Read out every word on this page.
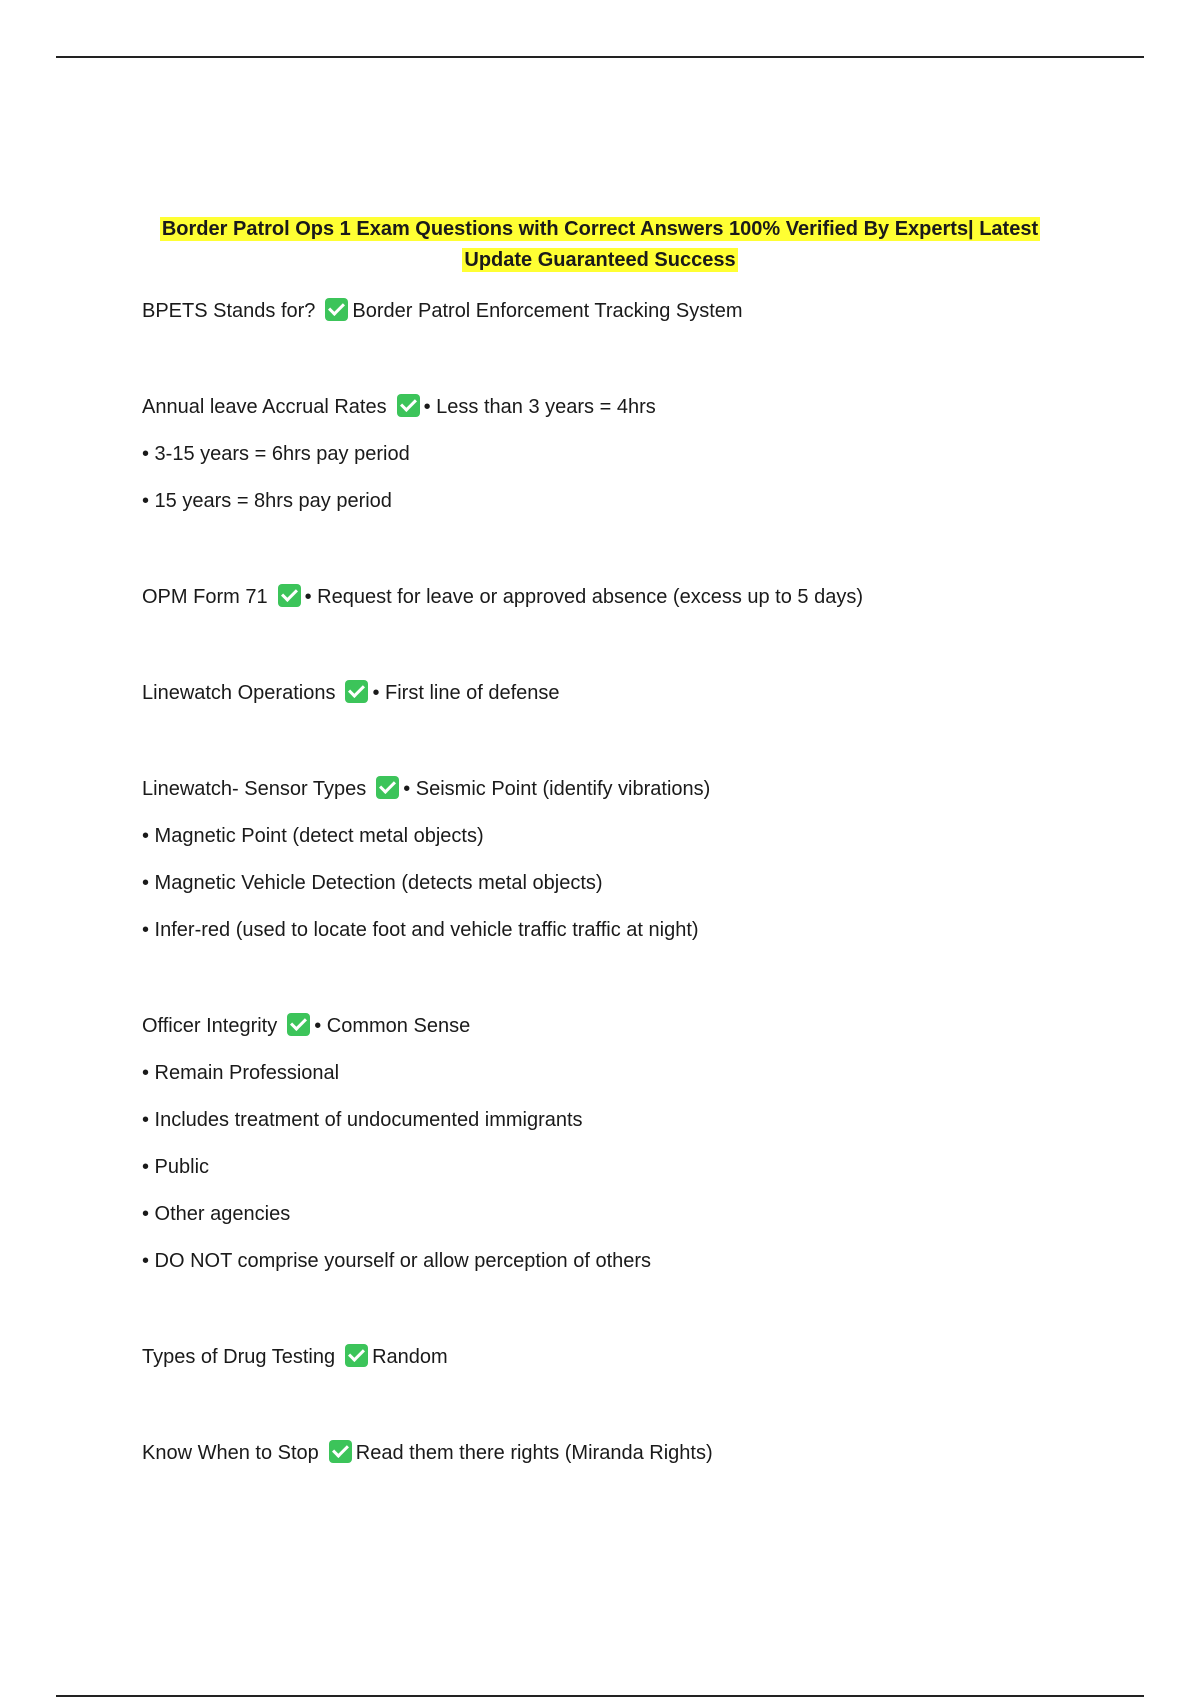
Border Patrol Ops 1 Exam Questions with Correct Answers 100% Verified By Experts| Latest
Update Guaranteed Success
BPETS Stands for? Border Patrol Enforcement Tracking System
Annual leave Accrual Rates • Less than 3 years = 4hrs
• 3-15 years = 6hrs pay period
• 15 years = 8hrs pay period
OPM Form 71 • Request for leave or approved absence (excess up to 5 days)
Linewatch Operations • First line of defense
Linewatch- Sensor Types • Seismic Point (identify vibrations)
• Magnetic Point (detect metal objects)
• Magnetic Vehicle Detection (detects metal objects)
• Infer-red (used to locate foot and vehicle traffic traffic at night)
Officer Integrity • Common Sense
• Remain Professional
• Includes treatment of undocumented immigrants
• Public
• Other agencies
• DO NOT comprise yourself or allow perception of others
Types of Drug Testing Random
Know When to Stop Read them there rights (Miranda Rights)
